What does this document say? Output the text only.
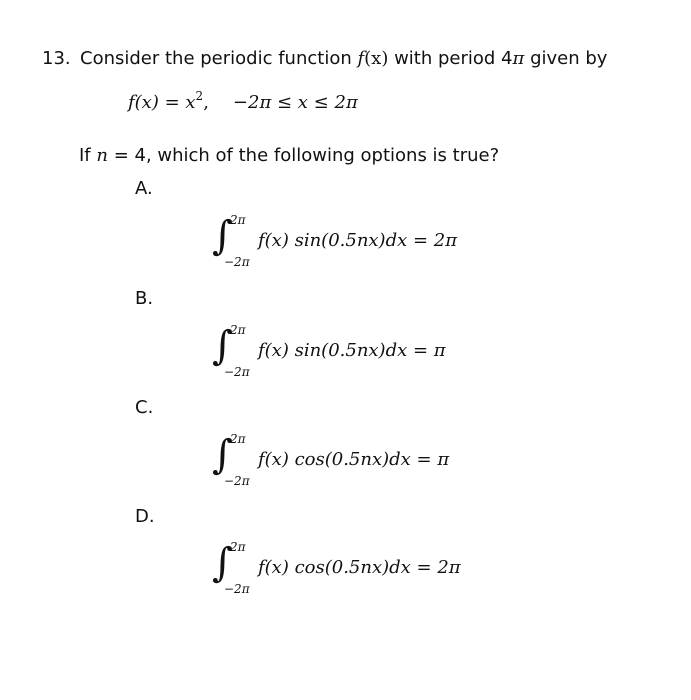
13. Consider the periodic function f(x) with period 4π given by
$f(x) = x^2$, −2π ≤ x ≤ 2π
If n = 4, which of the following options is true?
A.
∫
2π
−2π
f(x) sin(0.5nx)dx = 2π
B.
∫
2π
−2π
f(x) sin(0.5nx)dx = π
C.
∫
2π
−2π
f(x) cos(0.5nx)dx = π
D.
∫
2π
−2π
f(x) cos(0.5nx)dx = 2π
